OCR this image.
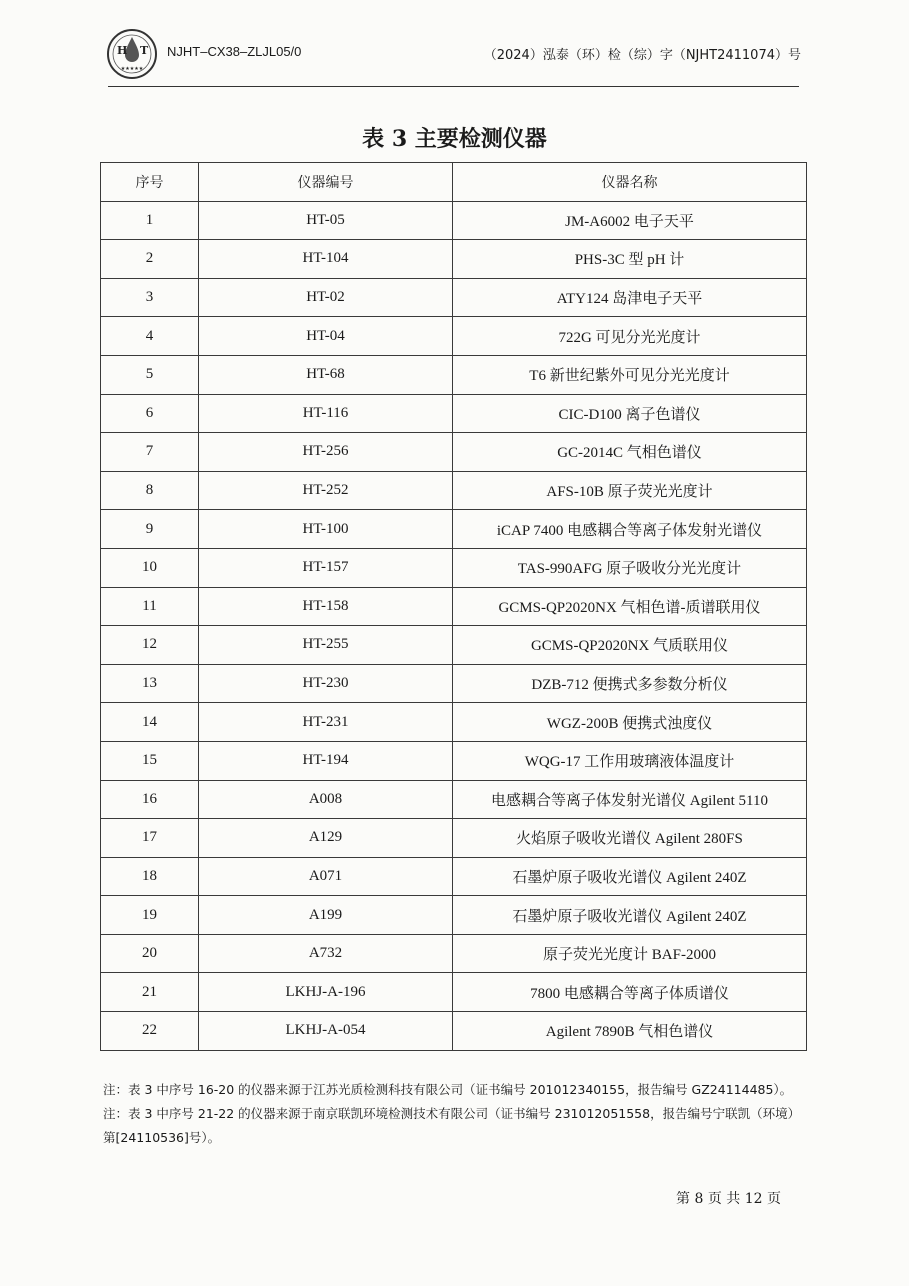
H T
★★★★★
NJHT–CX38–ZLJL05/0	（2024）泓泰（环）检（综）字（NJHT2411074）号
表 3 主要检测仪器
序号	仪器编号	仪器名称
1	HT-05	JM-A6002 电子天平
2	HT-104	PHS-3C 型 pH 计
3	HT-02	ATY124 岛津电子天平
4	HT-04	722G 可见分光光度计
5	HT-68	T6 新世纪紫外可见分光光度计
6	HT-116	CIC-D100 离子色谱仪
7	HT-256	GC-2014C 气相色谱仪
8	HT-252	AFS-10B 原子荧光光度计
9	HT-100	iCAP 7400 电感耦合等离子体发射光谱仪
10	HT-157	TAS-990AFG 原子吸收分光光度计
11	HT-158	GCMS-QP2020NX 气相色谱-质谱联用仪
12	HT-255	GCMS-QP2020NX 气质联用仪
13	HT-230	DZB-712 便携式多参数分析仪
14	HT-231	WGZ-200B 便携式浊度仪
15	HT-194	WQG-17 工作用玻璃液体温度计
16	A008	电感耦合等离子体发射光谱仪 Agilent 5110
17	A129	火焰原子吸收光谱仪 Agilent 280FS
18	A071	石墨炉原子吸收光谱仪 Agilent 240Z
19	A199	石墨炉原子吸收光谱仪 Agilent 240Z
20	A732	原子荧光光度计 BAF-2000
21	LKHJ-A-196	7800 电感耦合等离子体质谱仪
22	LKHJ-A-054	Agilent 7890B 气相色谱仪

注：表 3 中序号 16-20 的仪器来源于江苏光质检测科技有限公司（证书编号 201012340155，报告编号 GZ24114485）。

注：表 3 中序号 21-22 的仪器来源于南京联凯环境检测技术有限公司（证书编号 231012051558，报告编号宁联凯（环境）第[24110536]号）。

第 8 页 共 12 页
